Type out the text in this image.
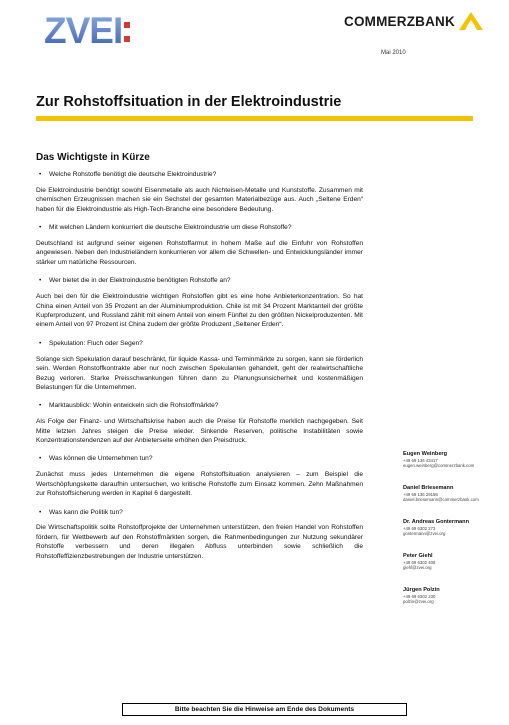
ZVEI	COMMERZBANK
Mai 2010
Zur Rohstoffsituation in der Elektroindustrie
Das Wichtigste in Kürze
• Welche Rohstoffe benötigt die deutsche Elektroindustrie?
Die Elektroindustrie benötigt sowohl Eisenmetalle als auch Nichteisen-Metalle und Kunststoffe. Zusammen mit chemischen Erzeugnissen machen sie ein Sechstel der gesamten Materialbezüge aus. Auch „Seltene Erden“ haben für die Elektroindustrie als High-Tech-Branche eine besondere Bedeutung.
• Mit welchen Ländern konkurriert die deutsche Elektroindustrie um diese Rohstoffe?
Deutschland ist aufgrund seiner eigenen Rohstoffarmut in hohem Maße auf die Einfuhr von Rohstoffen angewiesen. Neben den Industrieländern konkurrieren vor allem die Schwellen- und Entwicklungsländer immer stärker um natürliche Ressourcen.
• Wer bietet die in der Elektroindustrie benötigten Rohstoffe an?
Auch bei den für die Elektroindustrie wichtigen Rohstoffen gibt es eine hohe Anbieterkonzentration. So hat China einen Anteil von 35 Prozent an der Aluminiumproduktion. Chile ist mit 34 Prozent Marktanteil der größte Kupferproduzent, und Russland zählt mit einem Anteil von einem Fünftel zu den größten Nickelproduzenten. Mit einem Anteil von 97 Prozent ist China zudem der größte Produzent „Seltener Erden“.
• Spekulation: Fluch oder Segen?
Solange sich Spekulation darauf beschränkt, für liquide Kassa- und Terminmärkte zu sorgen, kann sie förderlich sein. Werden Rohstoffkontrakte aber nur noch zwischen Spekulanten gehandelt, geht der realwirtschaftliche Bezug verloren. Starke Preisschwankungen führen dann zu Planungsunsicherheit und kostenmäßigen Belastungen für die Unternehmen.
• Marktausblick: Wohin entwickeln sich die Rohstoffmärkte?
Als Folge der Finanz- und Wirtschaftskrise haben auch die Preise für Rohstoffe merklich nachgegeben. Seit Mitte letzten Jahres steigen die Preise wieder. Sinkende Reserven, politische Instabilitäten sowie Konzentrationstendenzen auf der Anbieterseite erhöhen den Preisdruck.
• Was können die Unternehmen tun?
Zunächst muss jedes Unternehmen die eigene Rohstoffsituation analysieren – zum Beispiel die Wertschöpfungskette daraufhin untersuchen, wo kritische Rohstoffe zum Einsatz kommen. Zehn Maßnahmen zur Rohstoffsicherung werden in Kapitel 6 dargestellt.
• Was kann die Politik tun?
Die Wirtschaftspolitik sollte Rohstoffprojekte der Unternehmen unterstützen, den freien Handel von Rohstoffen fördern, für Wettbewerb auf den Rohstoffmärkten sorgen, die Rahmenbedingungen zur Nutzung sekundärer Rohstoffe verbessern und deren illegalen Abfluss unterbinden sowie schließlich die Rohstoffeffizienzbestrebungen der Industrie unterstützen.
Eugen Weinberg
+49 69 136 43417
eugen.weinberg@commerzbank.com
Daniel Briesemann
+49 69 136 29158
daniel.briesemann@commerzbank.com
Dr. Andreas Gontermann
+49 69 6302 273
gontermann@zvei.org
Peter Giehl
+49 69 6302 408
giehl@zvei.org
Jürgen Polzin
+49 69 6302 230
polzin@zvei.org
Bitte beachten Sie die Hinweise am Ende des Dokuments
